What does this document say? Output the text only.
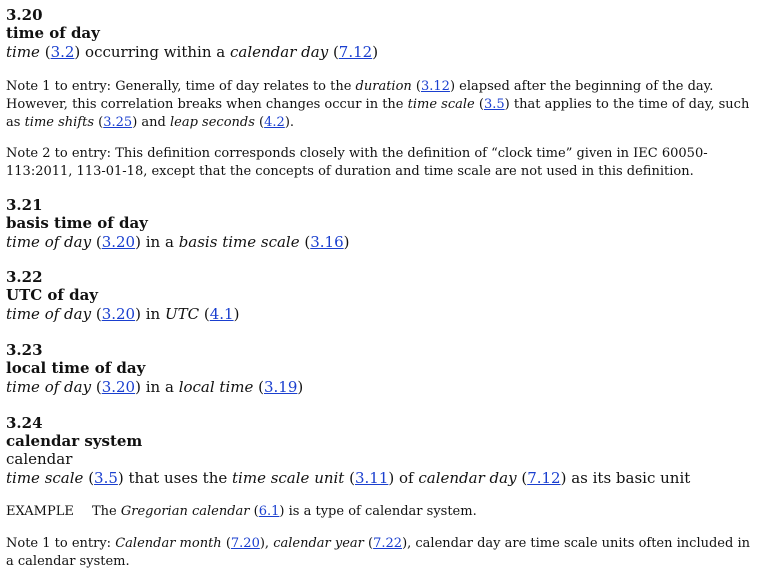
3.20
time of day
time (3.2) occurring within a calendar day (7.12)
Note 1 to entry: Generally, time of day relates to the duration (3.12) elapsed after the beginning of the day. However, this correlation breaks when changes occur in the time scale (3.5) that applies to the time of day, such as time shifts (3.25) and leap seconds (4.2).
Note 2 to entry: This definition corresponds closely with the definition of “clock time” given in IEC 60050-113:2011, 113-01-18, except that the concepts of duration and time scale are not used in this definition.
3.21
basis time of day
time of day (3.20) in a basis time scale (3.16)
3.22
UTC of day
time of day (3.20) in UTC (4.1)
3.23
local time of day
time of day (3.20) in a local time (3.19)
3.24
calendar system
calendar
time scale (3.5) that uses the time scale unit (3.11) of calendar day (7.12) as its basic unit
EXAMPLE The Gregorian calendar (6.1) is a type of calendar system.
Note 1 to entry: Calendar month (7.20), calendar year (7.22), calendar day are time scale units often included in a calendar system.
